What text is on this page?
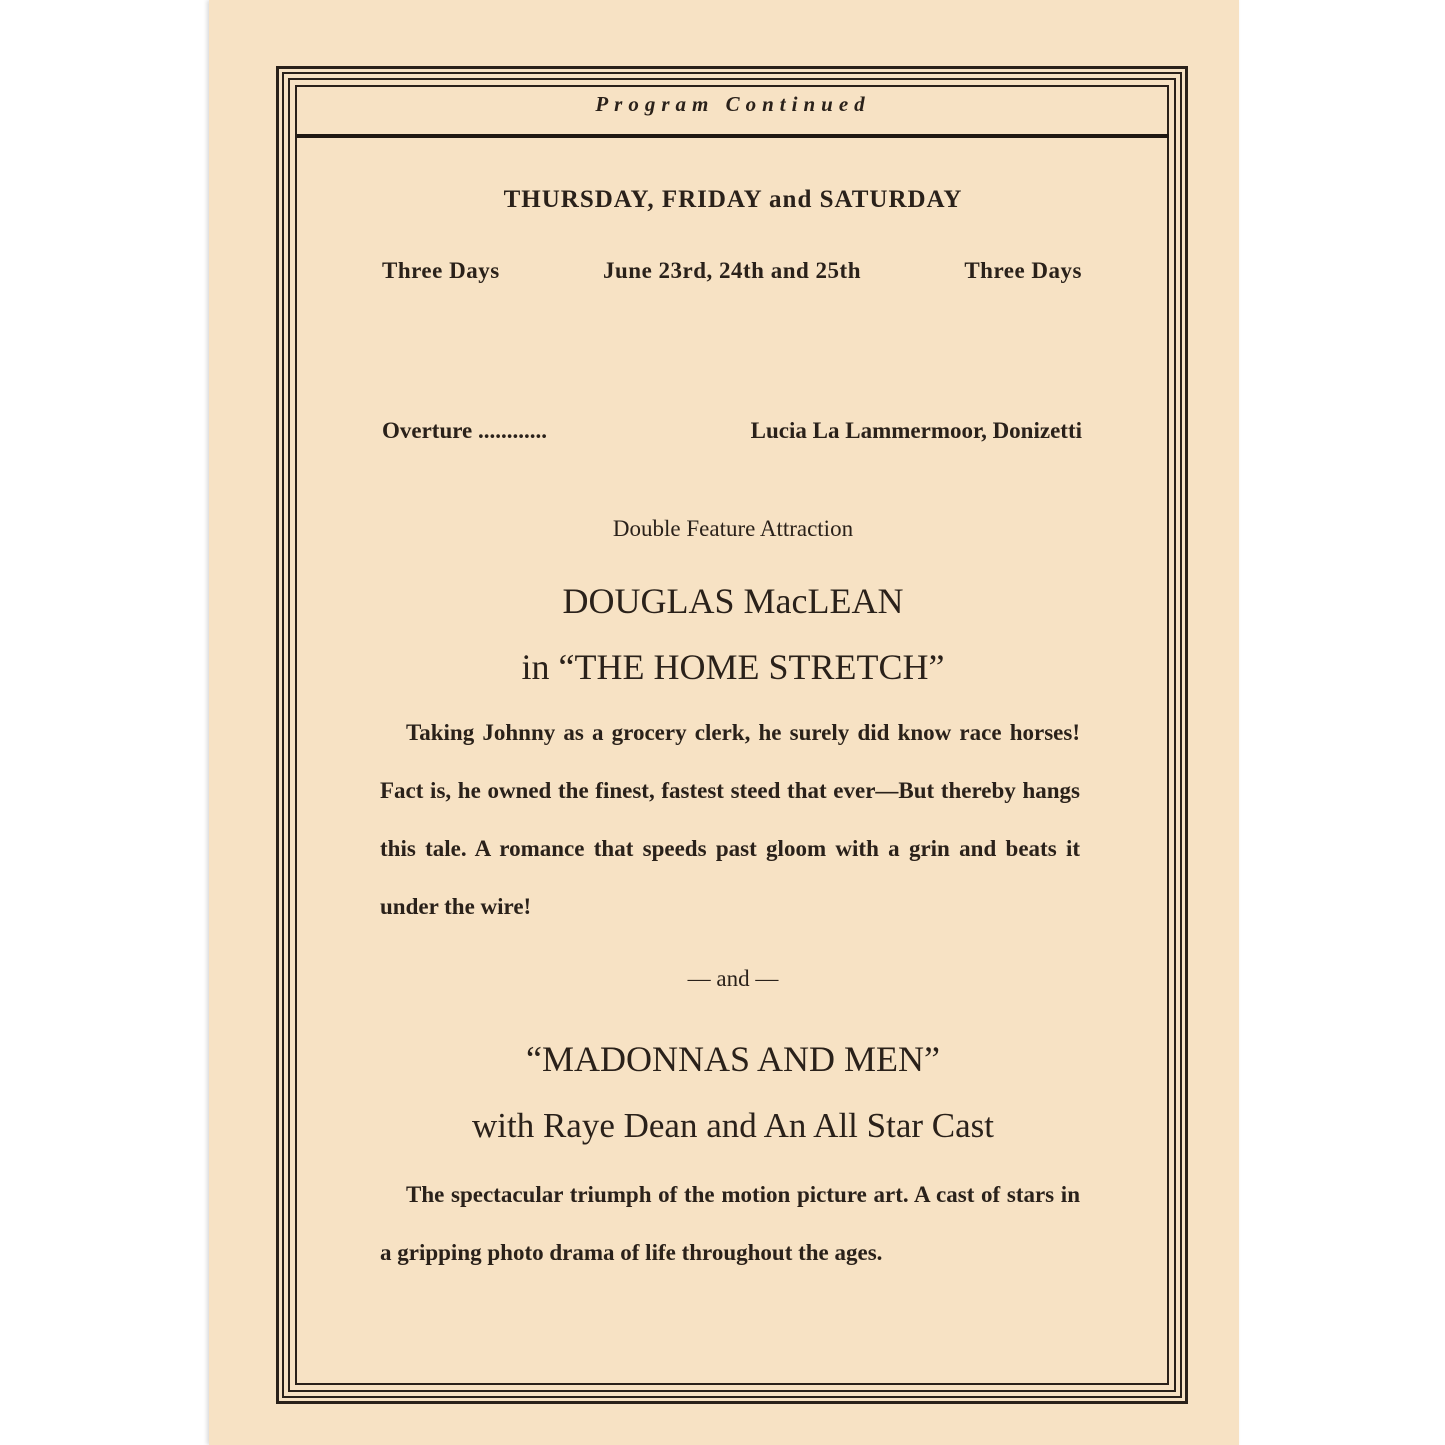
Program Continued
THURSDAY, FRIDAY and SATURDAY
Three Days	June 23rd, 24th and 25th	Three Days
Overture ............	Lucia La Lammermoor, Donizetti
Double Feature Attraction
DOUGLAS MacLEAN
in “THE HOME STRETCH”
Taking Johnny as a grocery clerk, he surely did know race horses! Fact is, he owned the finest, fastest steed that ever—But thereby hangs this tale. A romance that speeds past gloom with a grin and beats it under the wire!
— and —
“MADONNAS AND MEN”
with Raye Dean and An All Star Cast
The spectacular triumph of the motion picture art. A cast of stars in a gripping photo drama of life throughout the ages.
